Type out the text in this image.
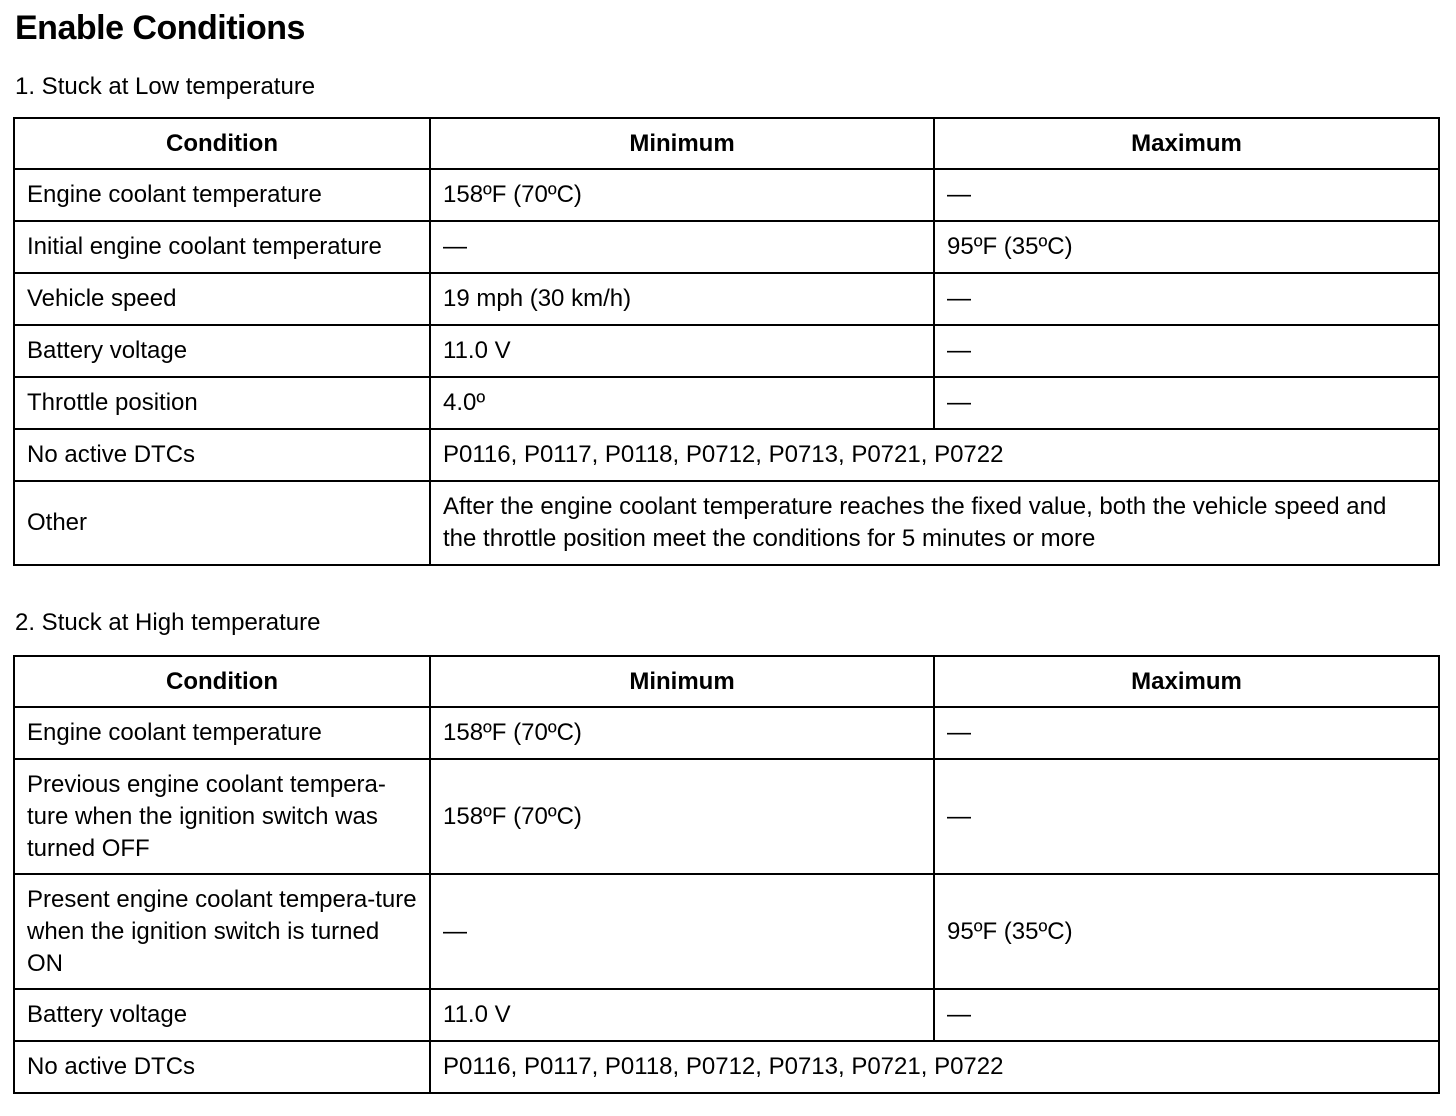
Enable Conditions
1. Stuck at Low temperature
Condition	Minimum	Maximum
Engine coolant temperature	158ºF (70ºC)	—
Initial engine coolant temperature	—	95ºF (35ºC)
Vehicle speed	19 mph (30 km/h)	—
Battery voltage	11.0 V	—
Throttle position	4.0º	—
No active DTCs	P0116, P0117, P0118, P0712, P0713, P0721, P0722	
Other	After the engine coolant temperature reaches the fixed value, both the vehicle speed and the throttle position meet the conditions for 5 minutes or more	
2. Stuck at High temperature
Condition	Minimum	Maximum
Engine coolant temperature	158ºF (70ºC)	—
Previous engine coolant tempera-ture when the ignition switch was turned OFF	158ºF (70ºC)	—
Present engine coolant tempera-ture when the ignition switch is turned ON	—	95ºF (35ºC)
Battery voltage	11.0 V	—
No active DTCs	P0116, P0117, P0118, P0712, P0713, P0721, P0722	
